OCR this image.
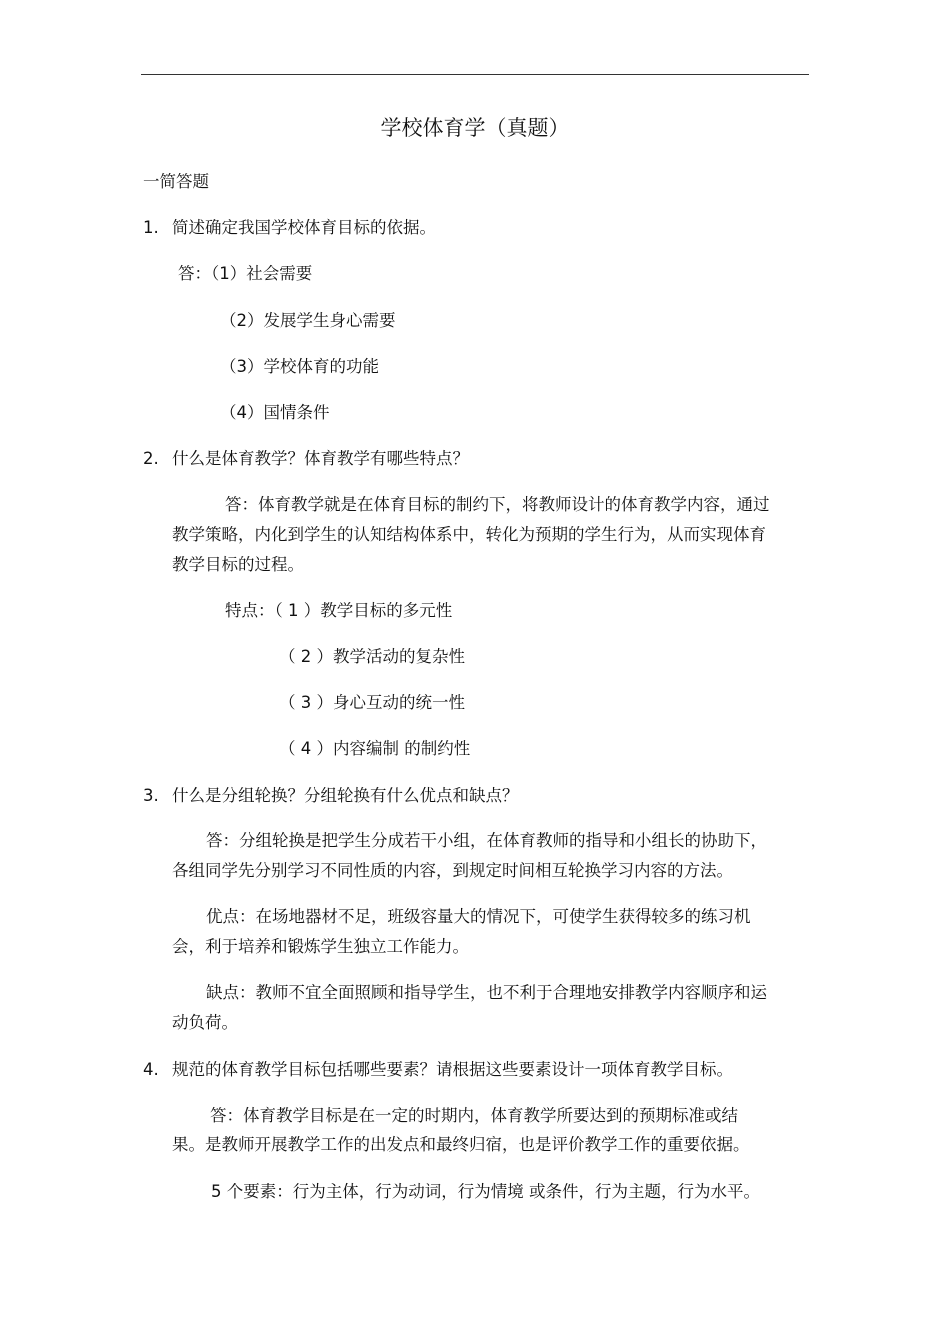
学校体育学（真题）
一简答题
1. 简述确定我国学校体育目标的依据。
答：（1）社会需要
（2）发展学生身心需要
（3）学校体育的功能
（4）国情条件
2. 什么是体育教学？体育教学有哪些特点？
答：体育教学就是在体育目标的制约下，将教师设计的体育教学内容，通过
教学策略，内化到学生的认知结构体系中，转化为预期的学生行为，从而实现体育
教学目标的过程。
特点：（ 1 ）教学目标的多元性
（ 2 ）教学活动的复杂性
（ 3 ）身心互动的统一性
（ 4 ）内容编制 的制约性
3. 什么是分组轮换？分组轮换有什么优点和缺点？
答：分组轮换是把学生分成若干小组，在体育教师的指导和小组长的协助下，
各组同学先分别学习不同性质的内容，到规定时间相互轮换学习内容的方法。
优点：在场地器材不足，班级容量大的情况下，可使学生获得较多的练习机
会，利于培养和锻炼学生独立工作能力。
缺点：教师不宜全面照顾和指导学生，也不利于合理地安排教学内容顺序和运
动负荷。
4. 规范的体育教学目标包括哪些要素？请根据这些要素设计一项体育教学目标。
答：体育教学目标是在一定的时期内，体育教学所要达到的预期标准或结
果。是教师开展教学工作的出发点和最终归宿，也是评价教学工作的重要依据。
5 个要素：行为主体，行为动词，行为情境 或条件，行为主题，行为水平。
